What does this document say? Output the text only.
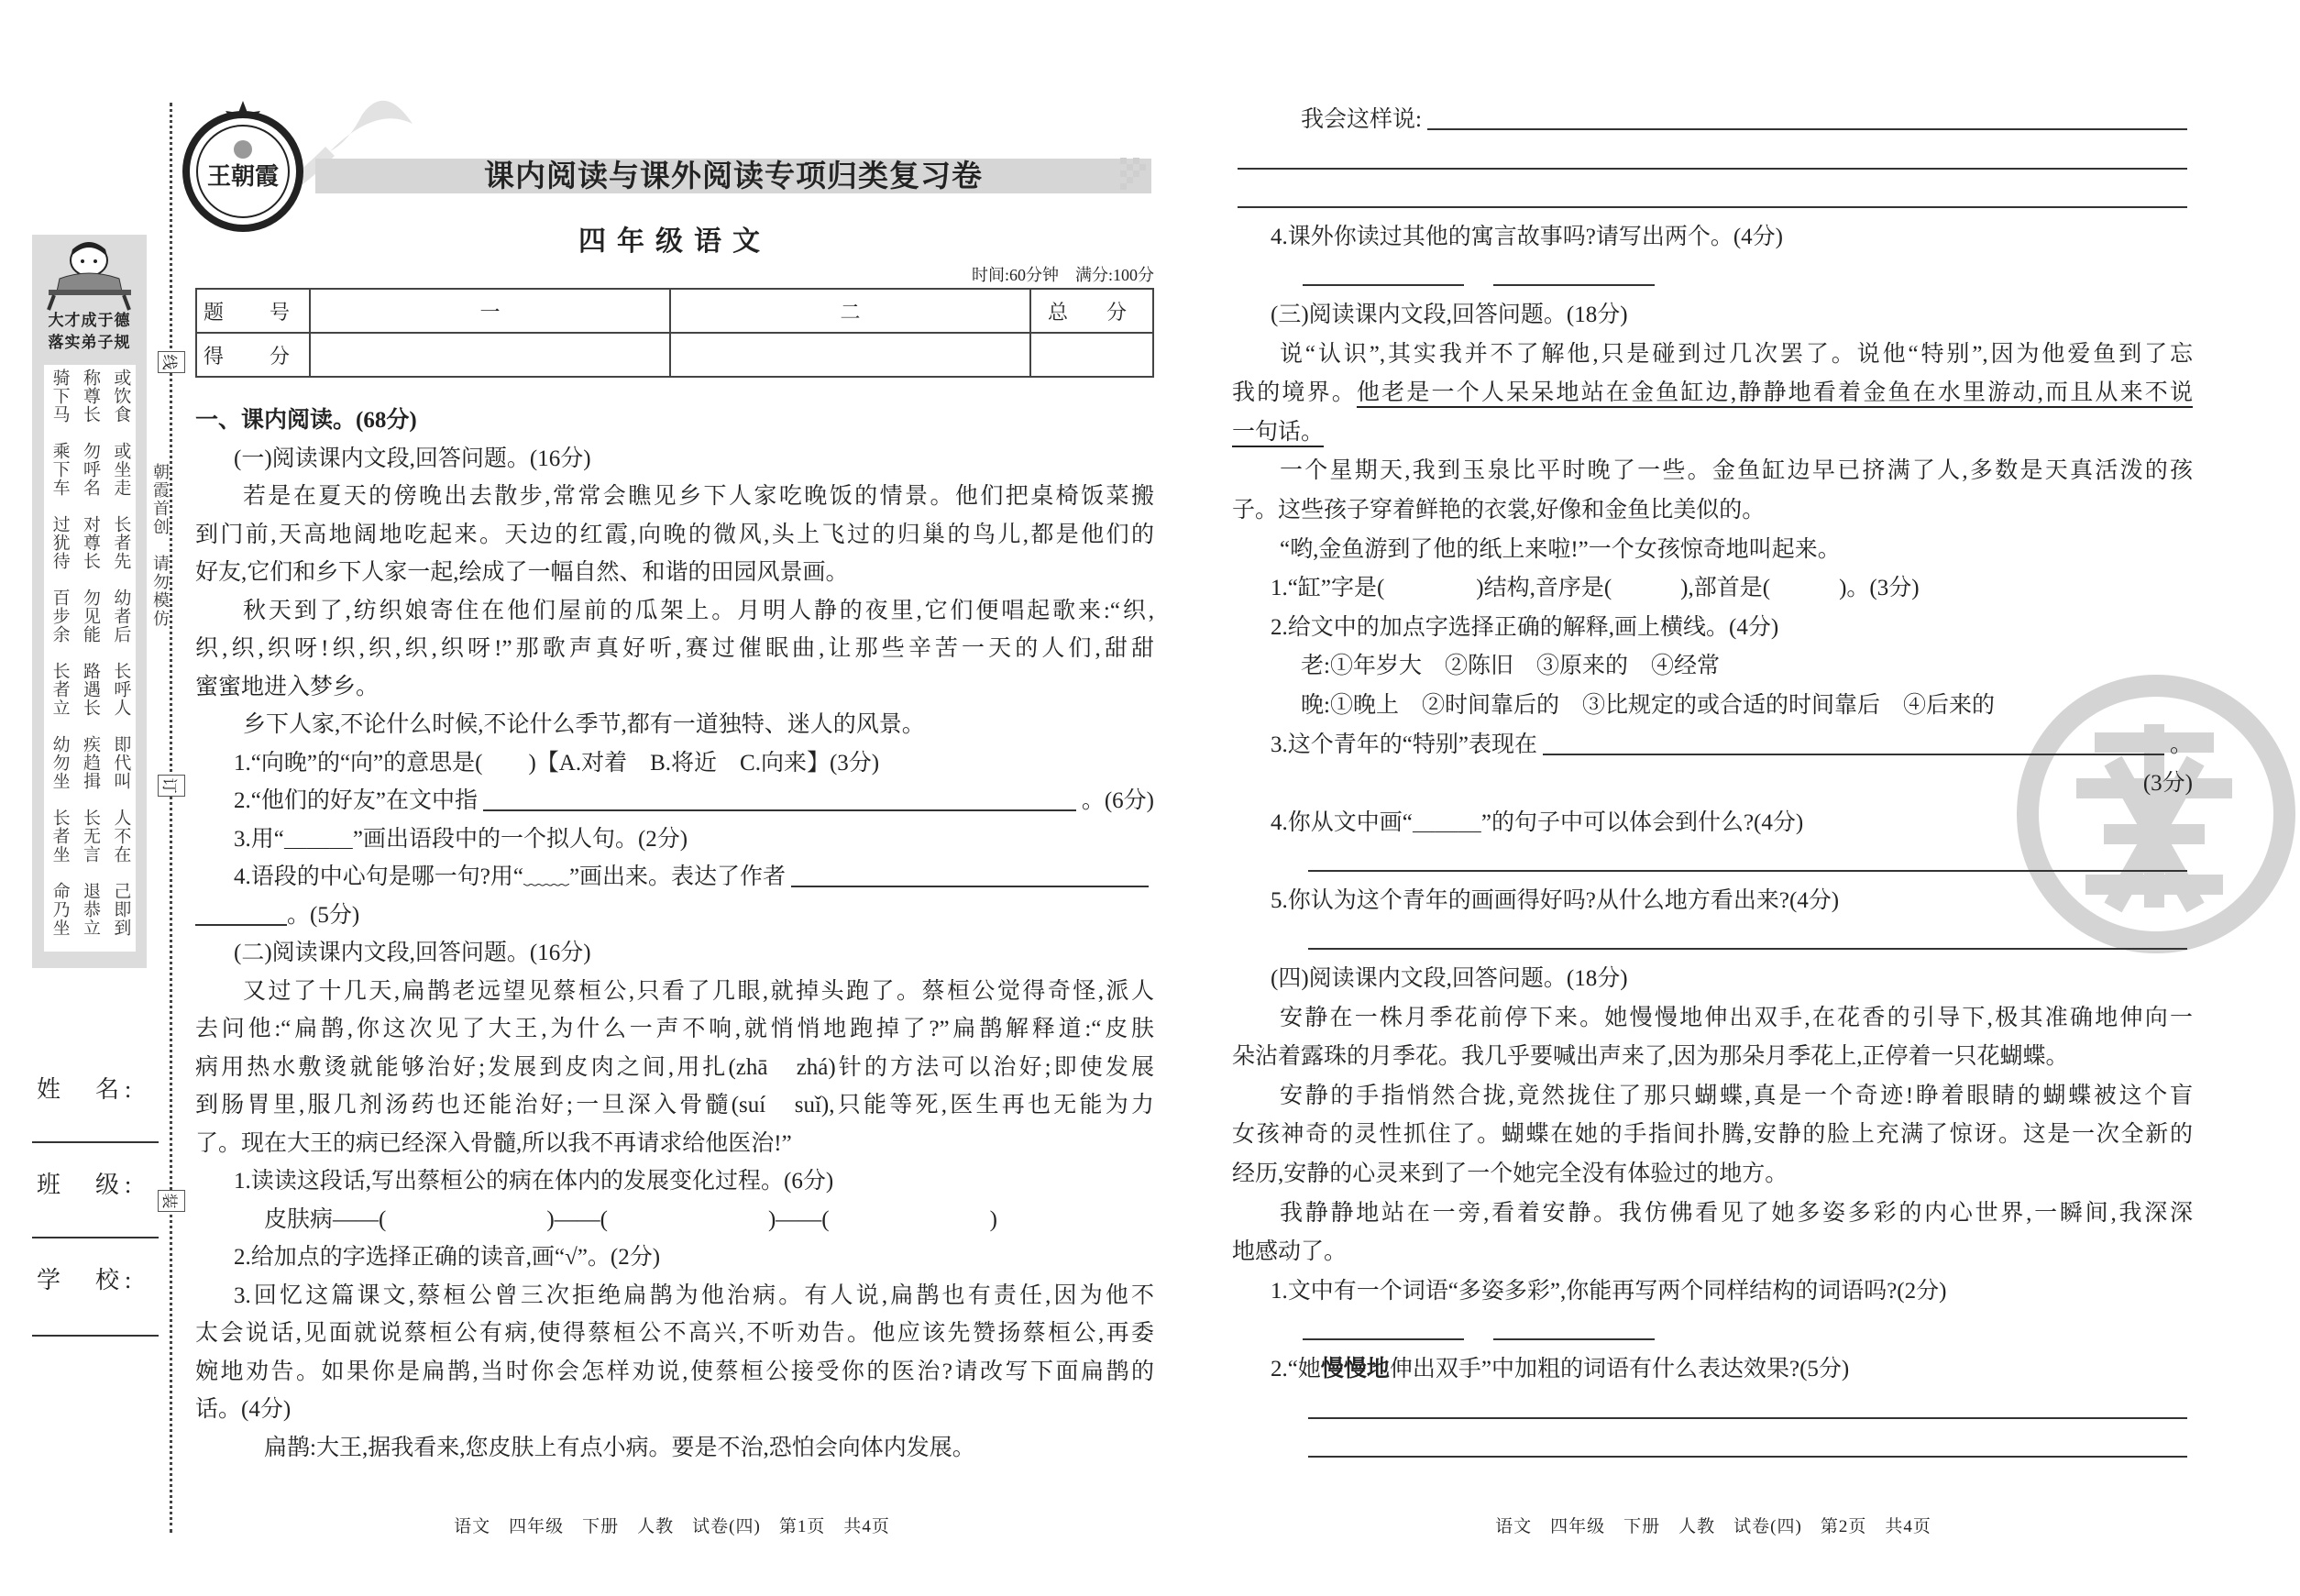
线
订
装
朝霞首创　请勿模仿
大才成于德
落实弟子规
骑下马 称尊长 或饮食
乘下车 勿呼名 或坐走
过犹待 对尊长 长者先
百步余 勿见能 幼者后
长者立 路遇长 长呼人
幼勿坐 疾趋揖 即代叫
长者坐 长无言 人不在
命乃坐 退恭立 己即到
姓　名:
班　级:
学　校:
王朝霞	课内阅读与课外阅读专项归类复习卷
四年级语文
时间:60分钟　满分:100分
题　号	一	二	总　分
得　分			
一、课内阅读。(68分)
(一)阅读课内文段,回答问题。(16分)
若是在夏天的傍晚出去散步,常常会瞧见乡下人家吃晚饭的情景。他们把桌椅饭菜搬
到门前,天高地阔地吃起来。天边的红霞,向晚的微风,头上飞过的归巢的鸟儿,都是他们的
好友,它们和乡下人家一起,绘成了一幅自然、和谐的田园风景画。
秋天到了,纺织娘寄住在他们屋前的瓜架上。月明人静的夜里,它们便唱起歌来:“织,
织,织,织呀!织,织,织,织呀!”那歌声真好听,赛过催眠曲,让那些辛苦一天的人们,甜甜
蜜蜜地进入梦乡。
乡下人家,不论什么时候,不论什么季节,都有一道独特、迷人的风景。
1.“向晚”的“向”的意思是(　　)【A.对着　B.将近　C.向来】(3分)
2.“他们的好友”在文中指	。(6分)
3.用“＿＿＿”画出语段中的一个拟人句。(2分)
4.语段的中心句是哪一句?用“﹏﹏”画出来。表达了作者
。(5分)
(二)阅读课内文段,回答问题。(16分)
又过了十几天,扁鹊老远望见蔡桓公,只看了几眼,就掉头跑了。蔡桓公觉得奇怪,派人
去问他:“扁鹊,你这次见了大王,为什么一声不响,就悄悄地跑掉了?”扁鹊解释道:“皮肤
病用热水敷烫就能够治好;发展到皮肉之间,用扎(zhā　zhá)针的方法可以治好;即使发展
到肠胃里,服几剂汤药也还能治好;一旦深入骨髓(suí　suǐ),只能等死,医生再也无能为力
了。现在大王的病已经深入骨髓,所以我不再请求给他医治!”
1.读读这段话,写出蔡桓公的病在体内的发展变化过程。(6分)
皮肤病——(　　　　　　　)——(　　　　　　　)——(　　　　　　　)
2.给加点的字选择正确的读音,画“√”。(2分)
3.回忆这篇课文,蔡桓公曾三次拒绝扁鹊为他治病。有人说,扁鹊也有责任,因为他不
太会说话,见面就说蔡桓公有病,使得蔡桓公不高兴,不听劝告。他应该先赞扬蔡桓公,再委
婉地劝告。如果你是扁鹊,当时你会怎样劝说,使蔡桓公接受你的医治?请改写下面扁鹊的
话。(4分)
扁鹊:大王,据我看来,您皮肤上有点小病。要是不治,恐怕会向体内发展。
我会这样说:
4.课外你读过其他的寓言故事吗?请写出两个。(4分)
(三)阅读课内文段,回答问题。(18分)
说“认识”,其实我并不了解他,只是碰到过几次罢了。说他“特别”,因为他爱鱼到了忘
我的境界。他老是一个人呆呆地站在金鱼缸边,静静地看着金鱼在水里游动,而且从来不说
一句话。
一个星期天,我到玉泉比平时晚了一些。金鱼缸边早已挤满了人,多数是天真活泼的孩
子。这些孩子穿着鲜艳的衣裳,好像和金鱼比美似的。
“哟,金鱼游到了他的纸上来啦!”一个女孩惊奇地叫起来。
1.“缸”字是(　　　　)结构,音序是(　　　),部首是(　　　)。(3分)
2.给文中的加点字选择正确的解释,画上横线。(4分)
老:①年岁大　②陈旧　③原来的　④经常
晚:①晚上　②时间靠后的　③比规定的或合适的时间靠后　④后来的
3.这个青年的“特别”表现在	。
(3分)
4.你从文中画“＿＿＿”的句子中可以体会到什么?(4分)
5.你认为这个青年的画画得好吗?从什么地方看出来?(4分)
(四)阅读课内文段,回答问题。(18分)
安静在一株月季花前停下来。她慢慢地伸出双手,在花香的引导下,极其准确地伸向一
朵沾着露珠的月季花。我几乎要喊出声来了,因为那朵月季花上,正停着一只花蝴蝶。
安静的手指悄然合拢,竟然拢住了那只蝴蝶,真是一个奇迹!睁着眼睛的蝴蝶被这个盲
女孩神奇的灵性抓住了。蝴蝶在她的手指间扑腾,安静的脸上充满了惊讶。这是一次全新的
经历,安静的心灵来到了一个她完全没有体验过的地方。
我静静地站在一旁,看着安静。我仿佛看见了她多姿多彩的内心世界,一瞬间,我深深
地感动了。
1.文中有一个词语“多姿多彩”,你能再写两个同样结构的词语吗?(2分)
2.“她慢慢地伸出双手”中加粗的词语有什么表达效果?(5分)
语文　四年级　下册　人教　试卷(四)　第1页　共4页	语文　四年级　下册　人教　试卷(四)　第2页　共4页
